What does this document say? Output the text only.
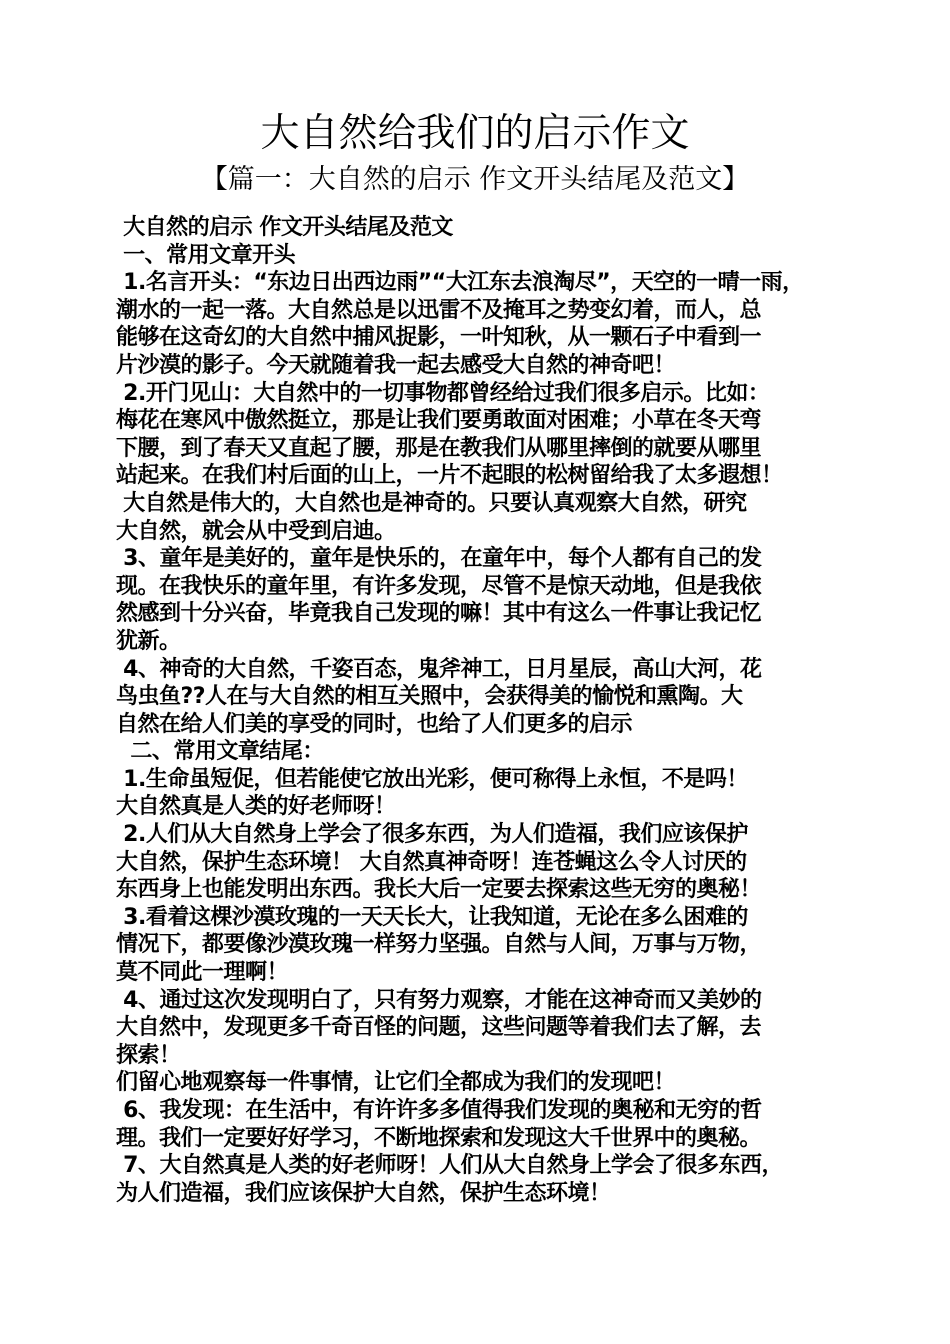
大自然给我们的启示作文
【篇一：大自然的启示 作文开头结尾及范文】

大自然的启示 作文开头结尾及范文

一、常用文章开头

1.名言开头：“东边日出西边雨”“大江东去浪淘尽”，天空的一晴一雨，

潮水的一起一落。大自然总是以迅雷不及掩耳之势变幻着，而人，总

能够在这奇幻的大自然中捕风捉影，一叶知秋，从一颗石子中看到一

片沙漠的影子。今天就随着我一起去感受大自然的神奇吧！

2.开门见山：大自然中的一切事物都曾经给过我们很多启示。比如：

梅花在寒风中傲然挺立，那是让我们要勇敢面对困难；小草在冬天弯

下腰，到了春天又直起了腰，那是在教我们从哪里摔倒的就要从哪里

站起来。在我们村后面的山上，一片不起眼的松树留给我了太多遐想！

大自然是伟大的，大自然也是神奇的。只要认真观察大自然，研究

大自然，就会从中受到启迪。

3、童年是美好的，童年是快乐的，在童年中，每个人都有自己的发

现。在我快乐的童年里，有许多发现，尽管不是惊天动地，但是我依

然感到十分兴奋，毕竟我自己发现的嘛！其中有这么一件事让我记忆

犹新。

4、神奇的大自然，千姿百态，鬼斧神工，日月星辰，高山大河，花

鸟虫鱼??人在与大自然的相互关照中，会获得美的愉悦和熏陶。大

自然在给人们美的享受的同时，也给了人们更多的启示

二、常用文章结尾：

1.生命虽短促，但若能使它放出光彩，便可称得上永恒，不是吗！

大自然真是人类的好老师呀！

2.人们从大自然身上学会了很多东西，为人们造福，我们应该保护

大自然，保护生态环境！ 大自然真神奇呀！连苍蝇这么令人讨厌的

东西身上也能发明出东西。我长大后一定要去探索这些无穷的奥秘！

3.看着这棵沙漠玫瑰的一天天长大，让我知道，无论在多么困难的

情况下，都要像沙漠玫瑰一样努力坚强。自然与人间，万事与万物，

莫不同此一理啊！

4、通过这次发现明白了，只有努力观察，才能在这神奇而又美妙的

大自然中，发现更多千奇百怪的问题，这些问题等着我们去了解，去

探索！

们留心地观察每一件事情，让它们全都成为我们的发现吧！

6、我发现：在生活中，有许许多多值得我们发现的奥秘和无穷的哲

理。我们一定要好好学习，不断地探索和发现这大千世界中的奥秘。

7、大自然真是人类的好老师呀！人们从大自然身上学会了很多东西，

为人们造福，我们应该保护大自然，保护生态环境！
